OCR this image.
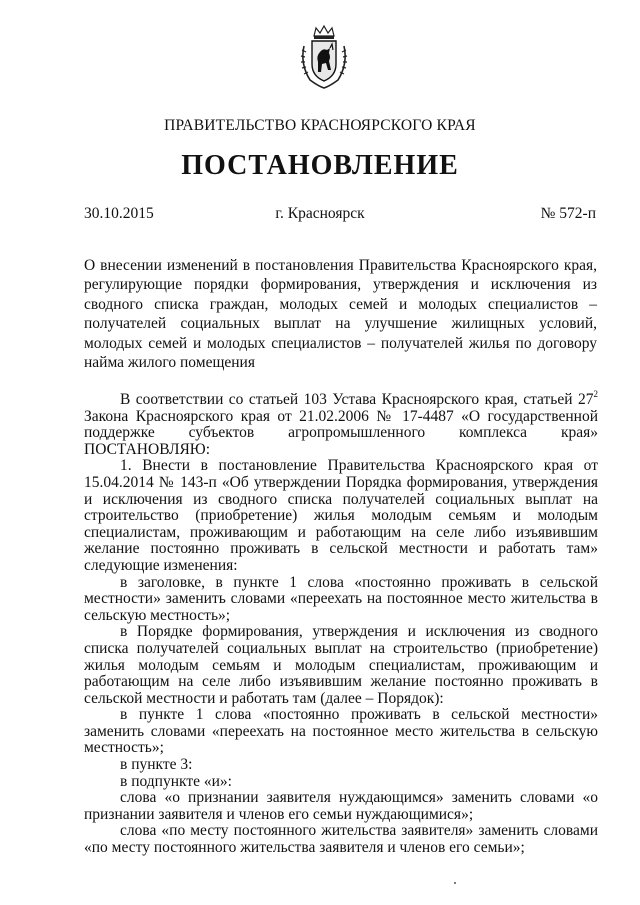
ПРАВИТЕЛЬСТВО КРАСНОЯРСКОГО КРАЯ
ПОСТАНОВЛЕНИЕ
30.10.2015	г. Красноярск	№ 572-п
О внесении изменений в постановления Правительства Красноярского края, регулирующие порядки формирования, утверждения и исключения из сводного списка граждан, молодых семей и молодых специалистов – получателей социальных выплат на улучшение жилищных условий, молодых семей и молодых специалистов – получателей жилья по договору найма жилого помещения

В соответствии со статьей 103 Устава Красноярского края, статьей $27^2$ Закона Красноярского края от 21.02.2006 № 17-4487 «О государственной поддержке субъектов агропромышленного комплекса края» ПОСТАНОВЛЯЮ:

1. Внести в постановление Правительства Красноярского края от 15.04.2014 № 143-п «Об утверждении Порядка формирования, утверждения и исключения из сводного списка получателей социальных выплат на строительство (приобретение) жилья молодым семьям и молодым специалистам, проживающим и работающим на селе либо изъявившим желание постоянно проживать в сельской местности и работать там» следующие изменения:

в заголовке, в пункте 1 слова «постоянно проживать в сельской местности» заменить словами «переехать на постоянное место жительства в сельскую местность»;

в Порядке формирования, утверждения и исключения из сводного списка получателей социальных выплат на строительство (приобретение) жилья молодым семьям и молодым специалистам, проживающим и работающим на селе либо изъявившим желание постоянно проживать в сельской местности и работать там (далее – Порядок):

в пункте 1 слова «постоянно проживать в сельской местности» заменить словами «переехать на постоянное место жительства в сельскую местность»;

в пункте 3:

в подпункте «и»:

слова «о признании заявителя нуждающимся» заменить словами «о признании заявителя и членов его семьи нуждающимися»;

слова «по месту постоянного жительства заявителя» заменить словами «по месту постоянного жительства заявителя и членов его семьи»;
